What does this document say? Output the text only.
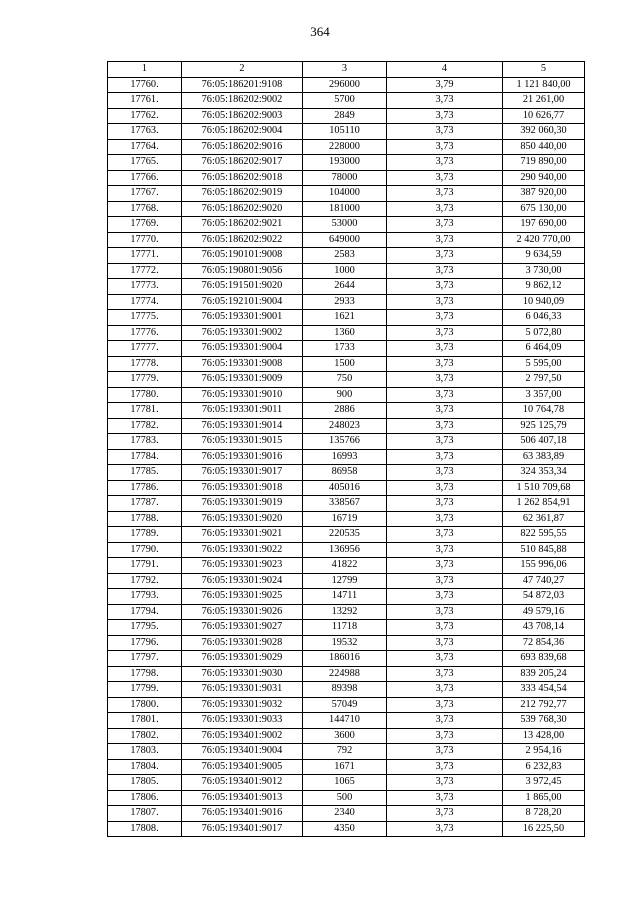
364
1	2	3	4	5
17760.	76:05:186201:9108	296000	3,79	1 121 840,00
17761.	76:05:186202:9002	5700	3,73	21 261,00
17762.	76:05:186202:9003	2849	3,73	10 626,77
17763.	76:05:186202:9004	105110	3,73	392 060,30
17764.	76:05:186202:9016	228000	3,73	850 440,00
17765.	76:05:186202:9017	193000	3,73	719 890,00
17766.	76:05:186202:9018	78000	3,73	290 940,00
17767.	76:05:186202:9019	104000	3,73	387 920,00
17768.	76:05:186202:9020	181000	3,73	675 130,00
17769.	76:05:186202:9021	53000	3,73	197 690,00
17770.	76:05:186202:9022	649000	3,73	2 420 770,00
17771.	76:05:190101:9008	2583	3,73	9 634,59
17772.	76:05:190801:9056	1000	3,73	3 730,00
17773.	76:05:191501:9020	2644	3,73	9 862,12
17774.	76:05:192101:9004	2933	3,73	10 940,09
17775.	76:05:193301:9001	1621	3,73	6 046,33
17776.	76:05:193301:9002	1360	3,73	5 072,80
17777.	76:05:193301:9004	1733	3,73	6 464,09
17778.	76:05:193301:9008	1500	3,73	5 595,00
17779.	76:05:193301:9009	750	3,73	2 797,50
17780.	76:05:193301:9010	900	3,73	3 357,00
17781.	76:05:193301:9011	2886	3,73	10 764,78
17782.	76:05:193301:9014	248023	3,73	925 125,79
17783.	76:05:193301:9015	135766	3,73	506 407,18
17784.	76:05:193301:9016	16993	3,73	63 383,89
17785.	76:05:193301:9017	86958	3,73	324 353,34
17786.	76:05:193301:9018	405016	3,73	1 510 709,68
17787.	76:05:193301:9019	338567	3,73	1 262 854,91
17788.	76:05:193301:9020	16719	3,73	62 361,87
17789.	76:05:193301:9021	220535	3,73	822 595,55
17790.	76:05:193301:9022	136956	3,73	510 845,88
17791.	76:05:193301:9023	41822	3,73	155 996,06
17792.	76:05:193301:9024	12799	3,73	47 740,27
17793.	76:05:193301:9025	14711	3,73	54 872,03
17794.	76:05:193301:9026	13292	3,73	49 579,16
17795.	76:05:193301:9027	11718	3,73	43 708,14
17796.	76:05:193301:9028	19532	3,73	72 854,36
17797.	76:05:193301:9029	186016	3,73	693 839,68
17798.	76:05:193301:9030	224988	3,73	839 205,24
17799.	76:05:193301:9031	89398	3,73	333 454,54
17800.	76:05:193301:9032	57049	3,73	212 792,77
17801.	76:05:193301:9033	144710	3,73	539 768,30
17802.	76:05:193401:9002	3600	3,73	13 428,00
17803.	76:05:193401:9004	792	3,73	2 954,16
17804.	76:05:193401:9005	1671	3,73	6 232,83
17805.	76:05:193401:9012	1065	3,73	3 972,45
17806.	76:05:193401:9013	500	3,73	1 865,00
17807.	76:05:193401:9016	2340	3,73	8 728,20
17808.	76:05:193401:9017	4350	3,73	16 225,50
